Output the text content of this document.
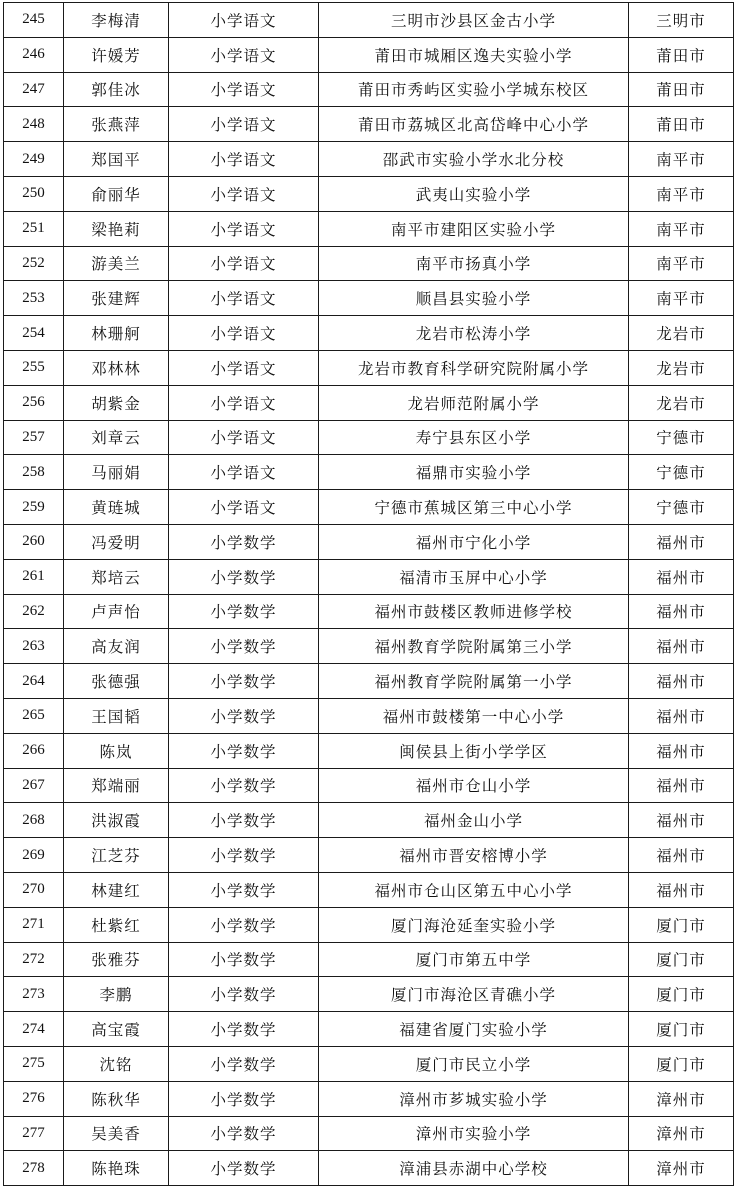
245	李梅清	小学语文	三明市沙县区金古小学	三明市
246	许媛芳	小学语文	莆田市城厢区逸夫实验小学	莆田市
247	郭佳冰	小学语文	莆田市秀屿区实验小学城东校区	莆田市
248	张燕萍	小学语文	莆田市荔城区北高岱峰中心小学	莆田市
249	郑国平	小学语文	邵武市实验小学水北分校	南平市
250	俞丽华	小学语文	武夷山实验小学	南平市
251	梁艳莉	小学语文	南平市建阳区实验小学	南平市
252	游美兰	小学语文	南平市扬真小学	南平市
253	张建辉	小学语文	顺昌县实验小学	南平市
254	林珊舸	小学语文	龙岩市松涛小学	龙岩市
255	邓林林	小学语文	龙岩市教育科学研究院附属小学	龙岩市
256	胡紫金	小学语文	龙岩师范附属小学	龙岩市
257	刘章云	小学语文	寿宁县东区小学	宁德市
258	马丽娟	小学语文	福鼎市实验小学	宁德市
259	黄琏城	小学语文	宁德市蕉城区第三中心小学	宁德市
260	冯爱明	小学数学	福州市宁化小学	福州市
261	郑培云	小学数学	福清市玉屏中心小学	福州市
262	卢声怡	小学数学	福州市鼓楼区教师进修学校	福州市
263	高友润	小学数学	福州教育学院附属第三小学	福州市
264	张德强	小学数学	福州教育学院附属第一小学	福州市
265	王国韬	小学数学	福州市鼓楼第一中心小学	福州市
266	陈岚	小学数学	闽侯县上街小学学区	福州市
267	郑端丽	小学数学	福州市仓山小学	福州市
268	洪淑霞	小学数学	福州金山小学	福州市
269	江芝芬	小学数学	福州市晋安榕博小学	福州市
270	林建红	小学数学	福州市仓山区第五中心小学	福州市
271	杜紫红	小学数学	厦门海沧延奎实验小学	厦门市
272	张雅芬	小学数学	厦门市第五中学	厦门市
273	李鹏	小学数学	厦门市海沧区青礁小学	厦门市
274	高宝霞	小学数学	福建省厦门实验小学	厦门市
275	沈铭	小学数学	厦门市民立小学	厦门市
276	陈秋华	小学数学	漳州市芗城实验小学	漳州市
277	吴美香	小学数学	漳州市实验小学	漳州市
278	陈艳珠	小学数学	漳浦县赤湖中心学校	漳州市
